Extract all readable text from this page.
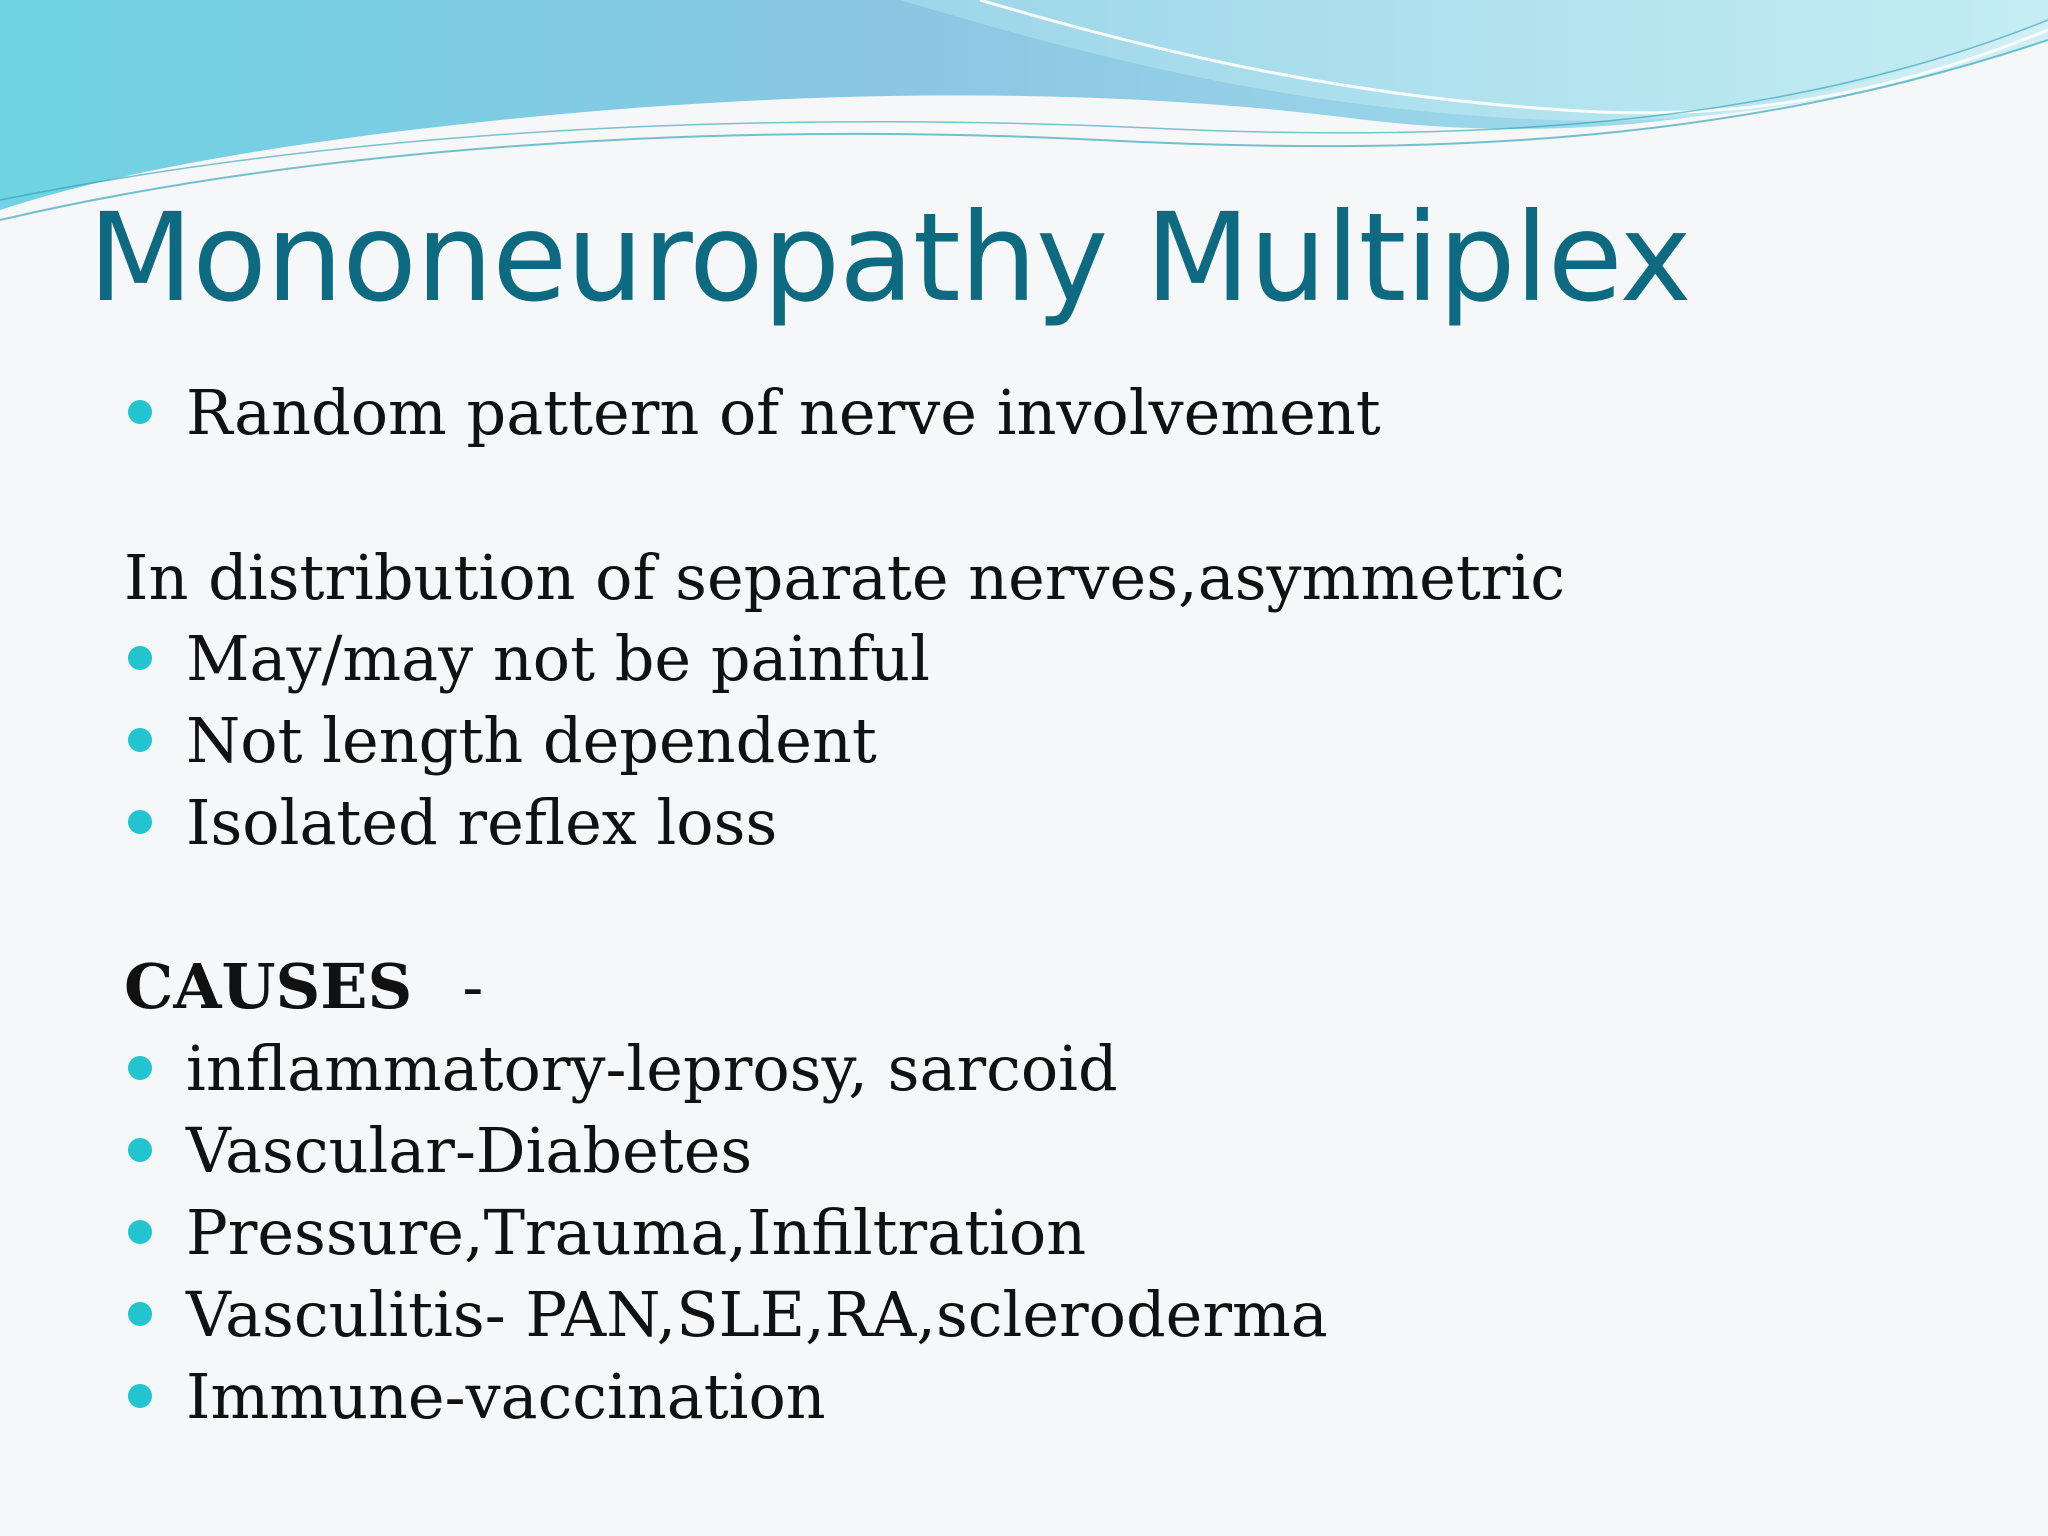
Mononeuropathy Multiplex

Random pattern of nerve involvement

In distribution of separate nerves,asymmetric

May/may not be painful

Not length dependent

Isolated reflex loss

CAUSES -

inflammatory-leprosy, sarcoid

Vascular-Diabetes

Pressure,Trauma,Infiltration

Vasculitis- PAN,SLE,RA,scleroderma

Immune-vaccination
